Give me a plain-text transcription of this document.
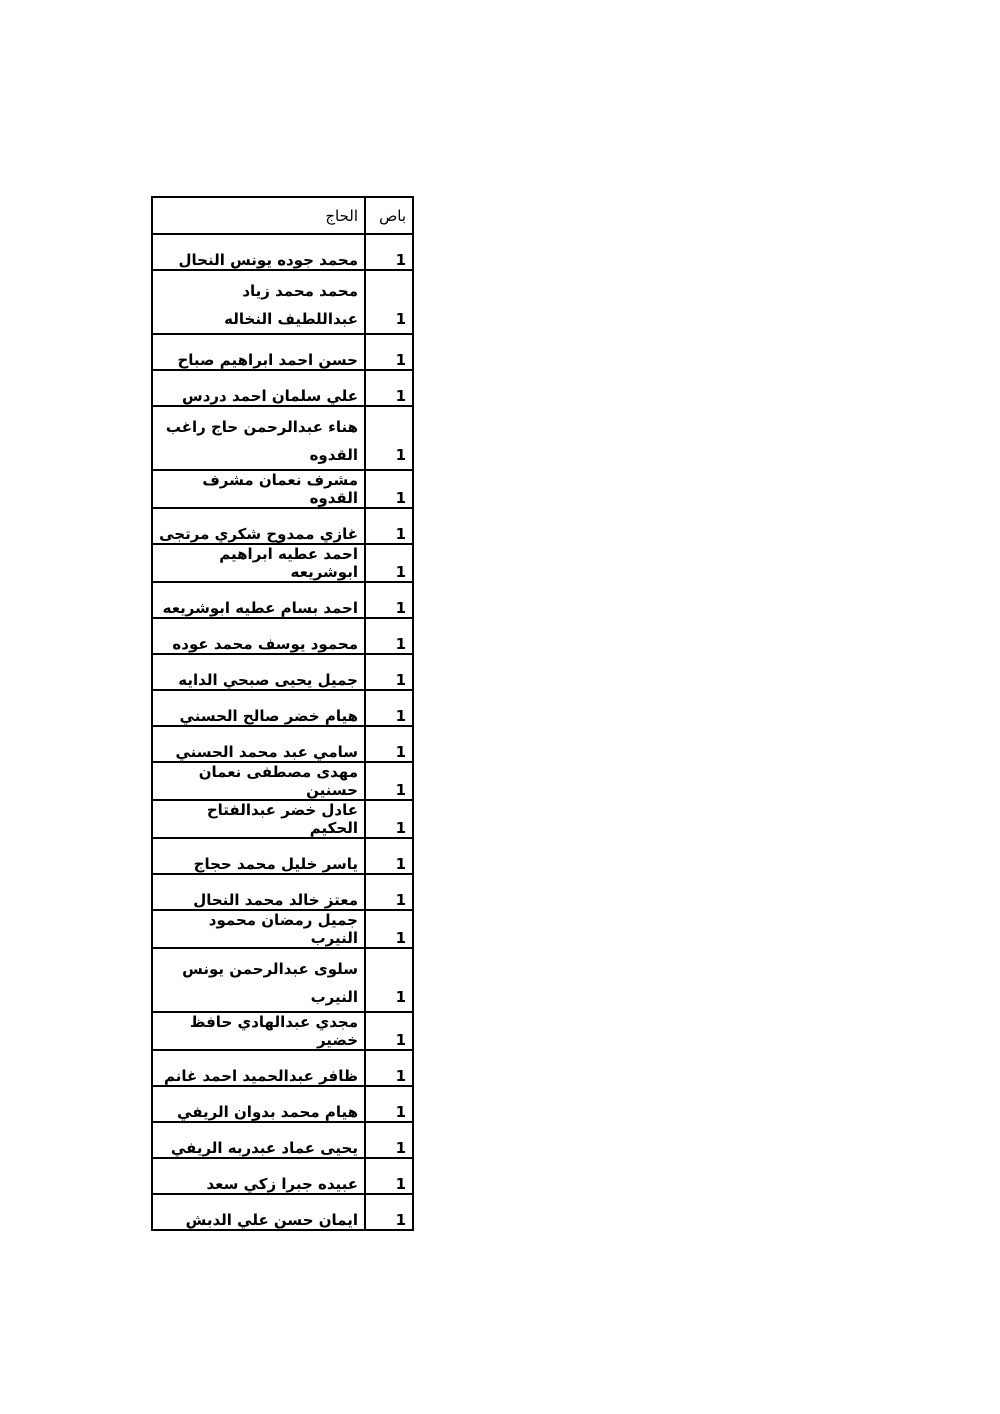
باص	الحاج
1	محمد جوده يونس النحال
1	محمد محمد زياد عبداللطيف النخاله
1	حسن احمد ابراهيم صباح
1	علي سلمان احمد دردس
1	هناء عبدالرحمن حاج راغب القدوه
1	مشرف نعمان مشرف القدوه
1	غازي ممدوح شكري مرتجى
1	احمد عطيه ابراهيم ابوشريعه
1	احمد بسام عطيه ابوشريعه
1	محمود يوسف محمد عوده
1	جميل يحيى صبحي الدايه
1	هيام خضر صالح الحسني
1	سامي عبد محمد الحسني
1	مهدى مصطفى نعمان حسنين
1	عادل خضر عبدالفتاح الحكيم
1	ياسر خليل محمد حجاج
1	معتز خالد محمد النحال
1	جميل رمضان محمود النيرب
1	سلوى عبدالرحمن يونس النيرب
1	مجدي عبدالهادي حافظ خضير
1	ظافر عبدالحميد احمد غانم
1	هيام محمد بدوان الريفي
1	يحيى عماد عبدربه الريفي
1	عبيده جبرا زكي سعد
1	ايمان حسن علي الدبش
